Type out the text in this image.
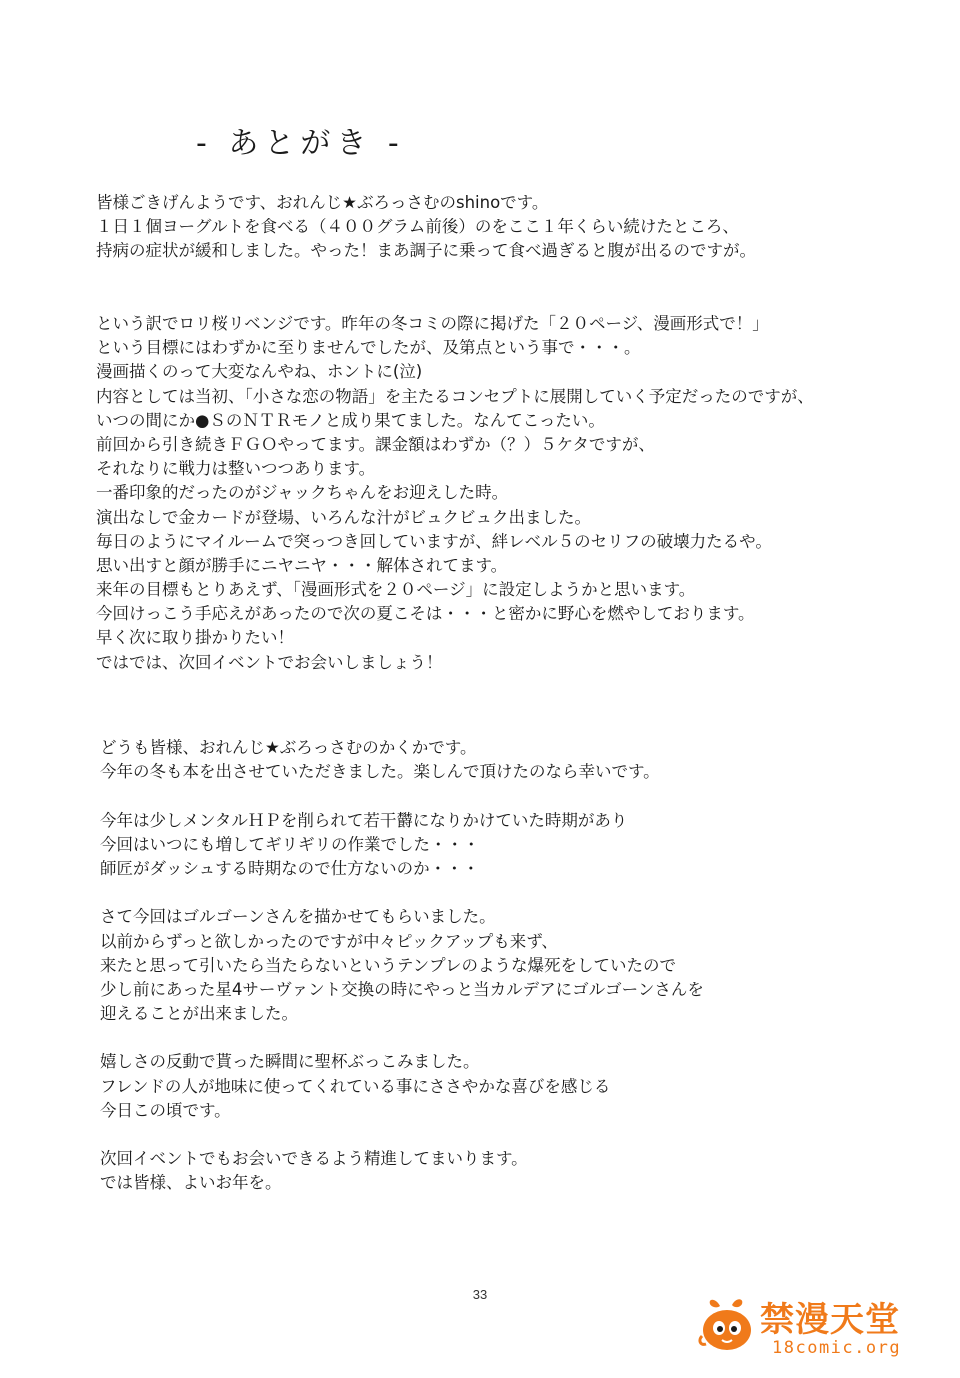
- あとがき -
皆様ごきげんようです、おれんじ★ぶろっさむのshinoです。
１日１個ヨーグルトを食べる（４００グラム前後）のをここ１年くらい続けたところ、
持病の症状が緩和しました。やった！まあ調子に乗って食べ過ぎると腹が出るのですが。
という訳でロリ桜リベンジです。昨年の冬コミの際に掲げた「２０ページ、漫画形式で！」
という目標にはわずかに至りませんでしたが、及第点という事で・・・。
漫画描くのって大変なんやね、ホントに(泣)
内容としては当初、「小さな恋の物語」を主たるコンセプトに展開していく予定だったのですが、
いつの間にか●ＳのＮＴＲモノと成り果てました。なんてこったい。
前回から引き続きＦＧＯやってます。課金額はわずか（？）５ケタですが、
それなりに戦力は整いつつあります。
一番印象的だったのがジャックちゃんをお迎えした時。
演出なしで金カードが登場、いろんな汁がビュクビュク出ました。
毎日のようにマイルームで突っつき回していますが、絆レベル５のセリフの破壊力たるや。
思い出すと顔が勝手にニヤニヤ・・・解体されてます。
来年の目標もとりあえず、「漫画形式を２０ページ」に設定しようかと思います。
今回けっこう手応えがあったので次の夏こそは・・・と密かに野心を燃やしております。
早く次に取り掛かりたい！
ではでは、次回イベントでお会いしましょう！
どうも皆様、おれんじ★ぶろっさむのかくかです。
今年の冬も本を出させていただきました。楽しんで頂けたのなら幸いです。
今年は少しメンタルＨＰを削られて若干欝になりかけていた時期があり
今回はいつにも増してギリギリの作業でした・・・
師匠がダッシュする時期なので仕方ないのか・・・
さて今回はゴルゴーンさんを描かせてもらいました。
以前からずっと欲しかったのですが中々ピックアップも来ず、
来たと思って引いたら当たらないというテンプレのような爆死をしていたので
少し前にあった星4サーヴァント交換の時にやっと当カルデアにゴルゴーンさんを
迎えることが出来ました。
嬉しさの反動で貰った瞬間に聖杯ぶっこみました。
フレンドの人が地味に使ってくれている事にささやかな喜びを感じる
今日この頃です。
次回イベントでもお会いできるよう精進してまいります。
では皆様、よいお年を。
33
禁漫天堂
18comic.org
